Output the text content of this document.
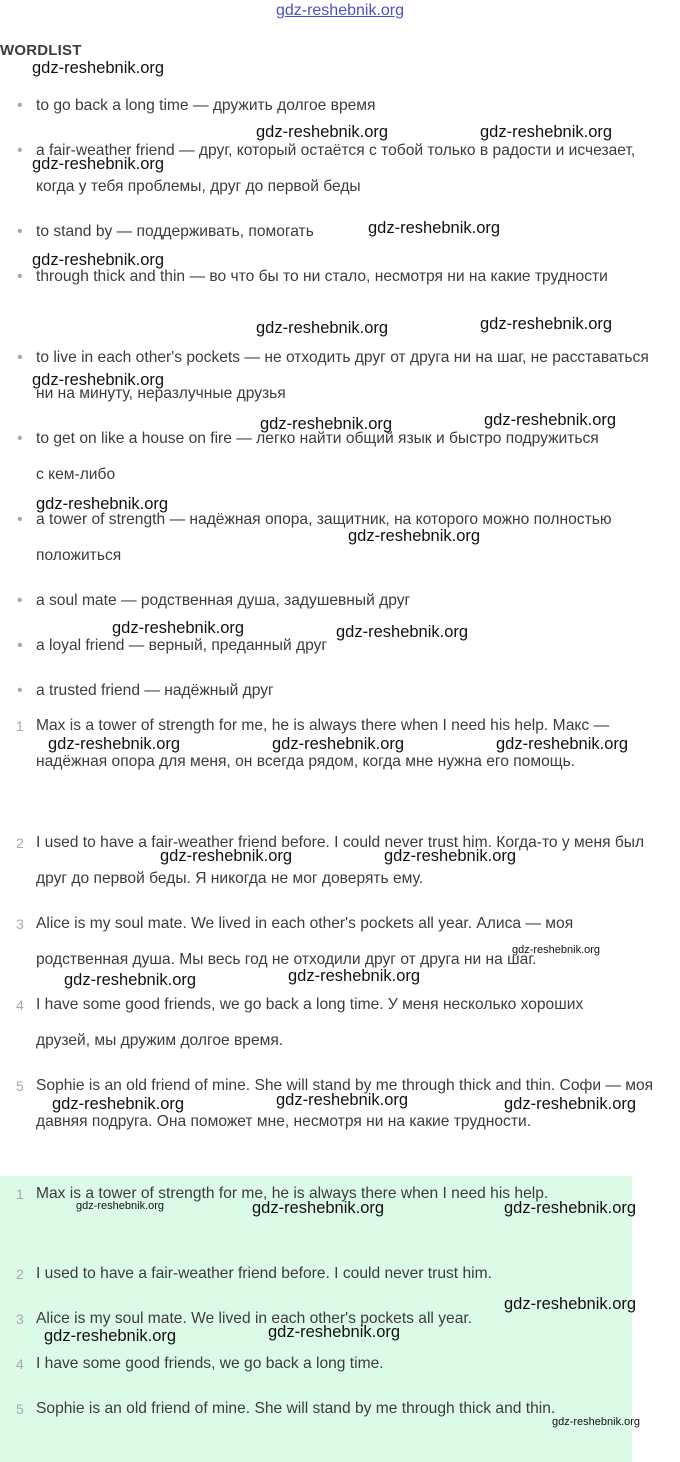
gdz-reshebnik.org
WORDLIST
• to go back a long time — дружить долгое время
• a fair-weather friend — друг, который остаётся с тобой только в радости и исчезает, когда у тебя проблемы, друг до первой беды
• to stand by — поддерживать, помогать
• through thick and thin — во что бы то ни стало, несмотря ни на какие трудности
• to live in each other's pockets — не отходить друг от друга ни на шаг, не расставаться ни на минуту, неразлучные друзья
• to get on like a house on fire — легко найти общий язык и быстро подружиться с кем-либо
• a tower of strength — надёжная опора, защитник, на которого можно полностью положиться
• a soul mate — родственная душа, задушевный друг
• a loyal friend — верный, преданный друг
• a trusted friend — надёжный друг
1 Max is a tower of strength for me, he is always there when I need his help. Макс — надёжная опора для меня, он всегда рядом, когда мне нужна его помощь.
2 I used to have a fair-weather friend before. I could never trust him. Когда-то у меня был друг до первой беды. Я никогда не мог доверять ему.
3 Alice is my soul mate. We lived in each other's pockets all year. Алиса — моя родственная душа. Мы весь год не отходили друг от друга ни на шаг.
4 I have some good friends, we go back a long time. У меня несколько хороших друзей, мы дружим долгое время.
5 Sophie is an old friend of mine. She will stand by me through thick and thin. Софи — моя давняя подруга. Она поможет мне, несмотря ни на какие трудности.
1 Max is a tower of strength for me, he is always there when I need his help.
2 I used to have a fair-weather friend before. I could never trust him.
3 Alice is my soul mate. We lived in each other's pockets all year.
4 I have some good friends, we go back a long time.
5 Sophie is an old friend of mine. She will stand by me through thick and thin.
gdz-reshebnik.org
gdz-reshebnik.org	gdz-reshebnik.org
gdz-reshebnik.org
gdz-reshebnik.org
gdz-reshebnik.org
gdz-reshebnik.org	gdz-reshebnik.org
gdz-reshebnik.org
gdz-reshebnik.org	gdz-reshebnik.org
gdz-reshebnik.org
gdz-reshebnik.org
gdz-reshebnik.org	gdz-reshebnik.org
gdz-reshebnik.org	gdz-reshebnik.org	gdz-reshebnik.org
gdz-reshebnik.org	gdz-reshebnik.org
gdz-reshebnik.org
gdz-reshebnik.org	gdz-reshebnik.org
gdz-reshebnik.org	gdz-reshebnik.org	gdz-reshebnik.org
gdz-reshebnik.org	gdz-reshebnik.org	gdz-reshebnik.org
gdz-reshebnik.org
gdz-reshebnik.org	gdz-reshebnik.org
gdz-reshebnik.org
